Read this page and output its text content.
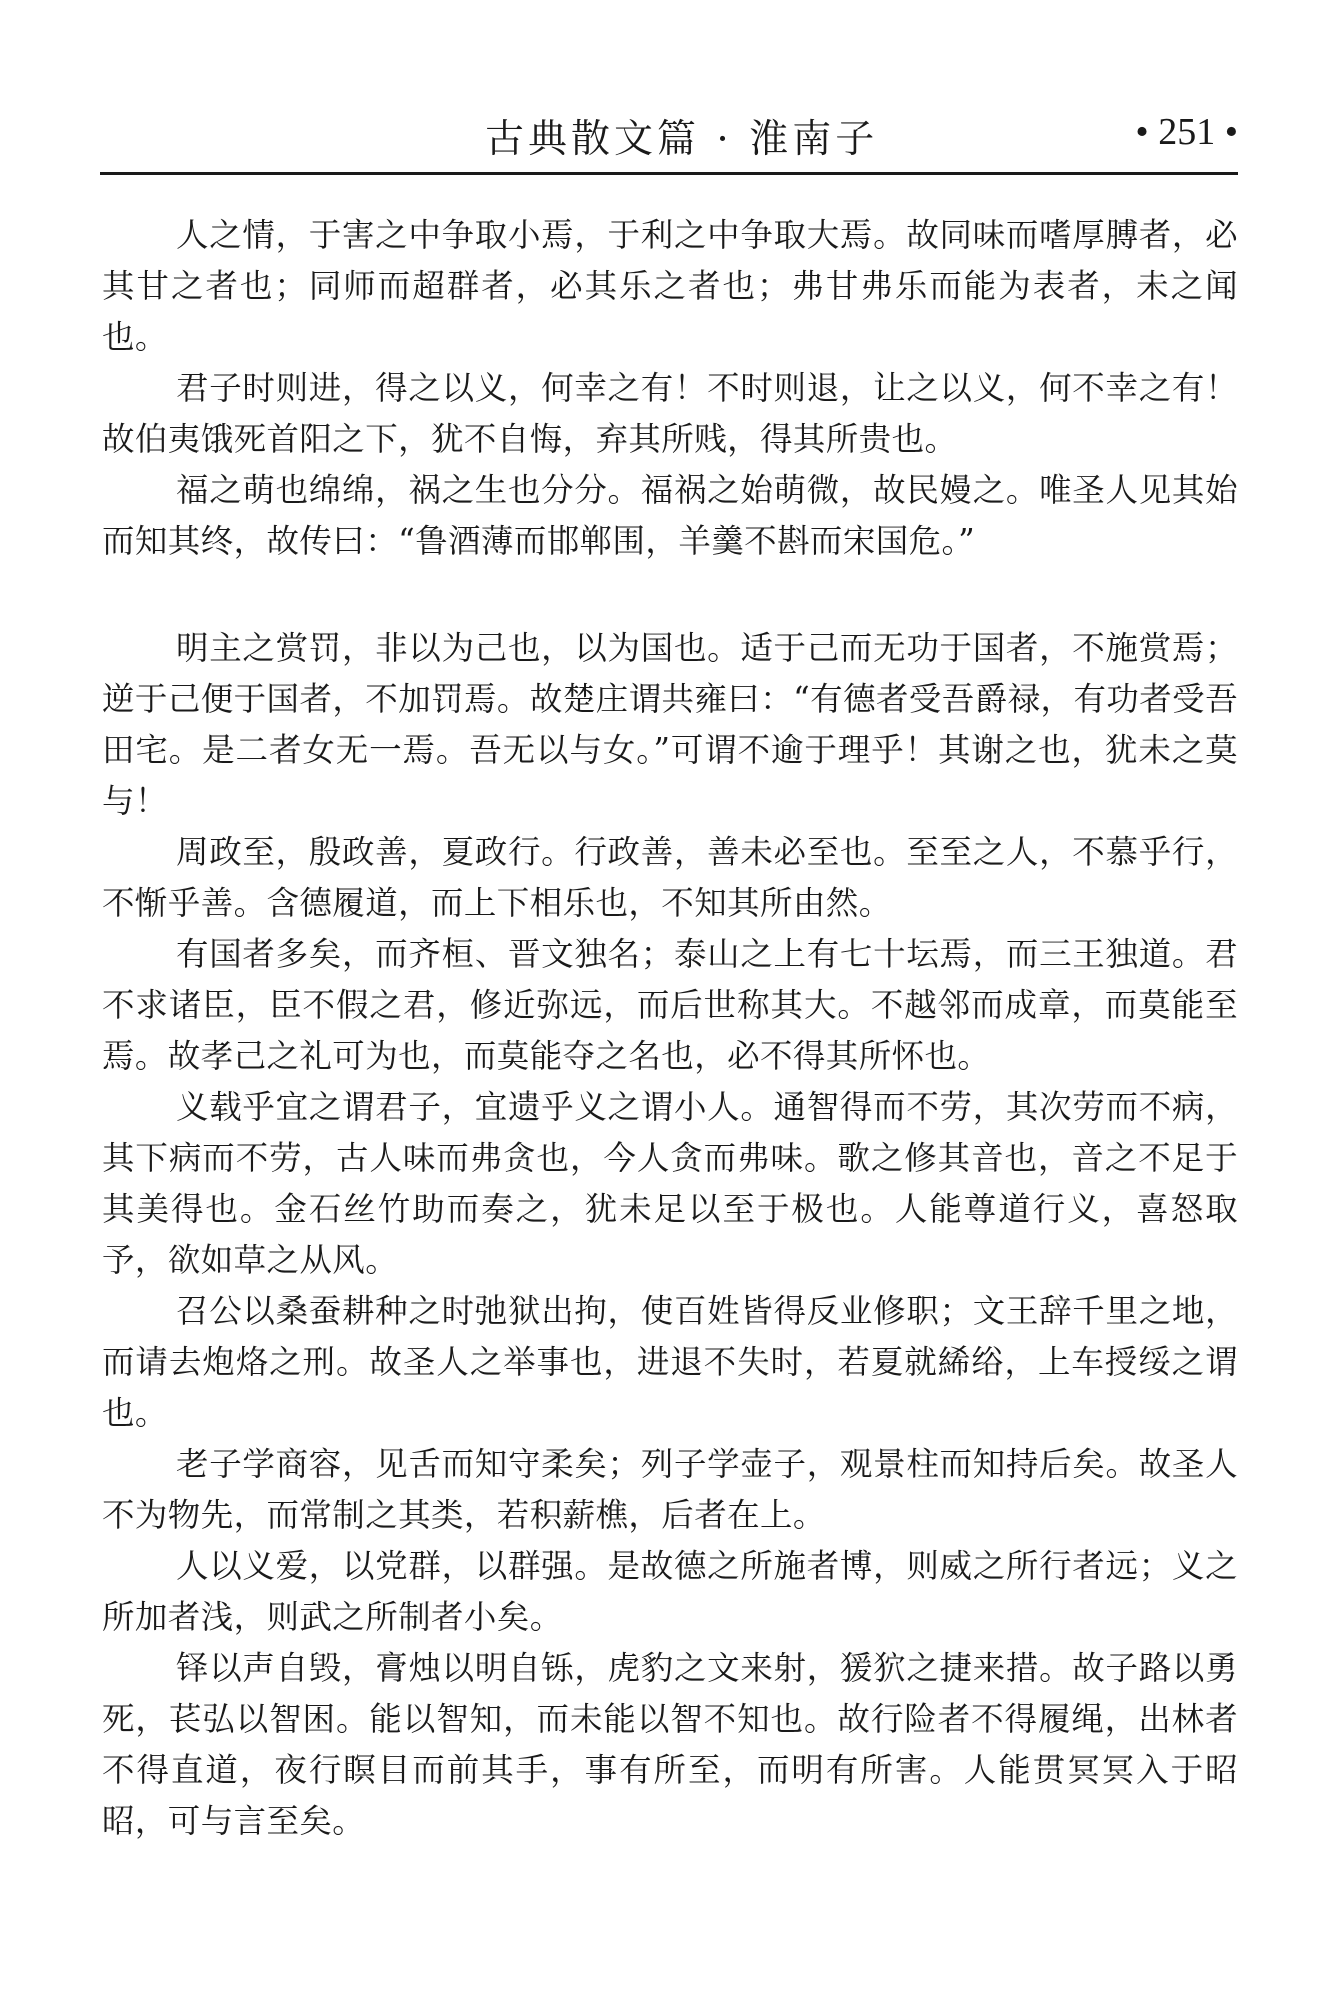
古典散文篇 · 淮南子	• 251 •

人之情，于害之中争取小焉，于利之中争取大焉。故同味而嗜厚膊者，必其甘之者也；同师而超群者，必其乐之者也；弗甘弗乐而能为表者，未之闻也。

君子时则进，得之以义，何幸之有！不时则退，让之以义，何不幸之有！故伯夷饿死首阳之下，犹不自悔，弃其所贱，得其所贵也。

福之萌也绵绵，祸之生也分分。福祸之始萌微，故民嫚之。唯圣人见其始而知其终，故传曰：“鲁酒薄而邯郸围，羊羹不斟而宋国危。”

明主之赏罚，非以为己也，以为国也。适于己而无功于国者，不施赏焉；逆于己便于国者，不加罚焉。故楚庄谓共雍曰：“有德者受吾爵禄，有功者受吾田宅。是二者女无一焉。吾无以与女。”可谓不逾于理乎！其谢之也，犹未之莫与！

周政至，殷政善，夏政行。行政善，善未必至也。至至之人，不慕乎行，不惭乎善。含德履道，而上下相乐也，不知其所由然。

有国者多矣，而齐桓、晋文独名；泰山之上有七十坛焉，而三王独道。君不求诸臣，臣不假之君，修近弥远，而后世称其大。不越邻而成章，而莫能至焉。故孝己之礼可为也，而莫能夺之名也，必不得其所怀也。

义载乎宜之谓君子，宜遗乎义之谓小人。通智得而不劳，其次劳而不病，其下病而不劳，古人味而弗贪也，今人贪而弗味。歌之修其音也，音之不足于其美得也。金石丝竹助而奏之，犹未足以至于极也。人能尊道行义，喜怒取予，欲如草之从风。

召公以桑蚕耕种之时弛狱出拘，使百姓皆得反业修职；文王辞千里之地，而请去炮烙之刑。故圣人之举事也，进退不失时，若夏就絺绤，上车授绥之谓也。

老子学商容，见舌而知守柔矣；列子学壶子，观景柱而知持后矣。故圣人不为物先，而常制之其类，若积薪樵，后者在上。

人以义爱，以党群，以群强。是故德之所施者博，则威之所行者远；义之所加者浅，则武之所制者小矣。

铎以声自毁，膏烛以明自铄，虎豹之文来射，猨狖之捷来措。故子路以勇死，苌弘以智困。能以智知，而未能以智不知也。故行险者不得履绳，出林者不得直道，夜行瞑目而前其手，事有所至，而明有所害。人能贯冥冥入于昭昭，可与言至矣。
